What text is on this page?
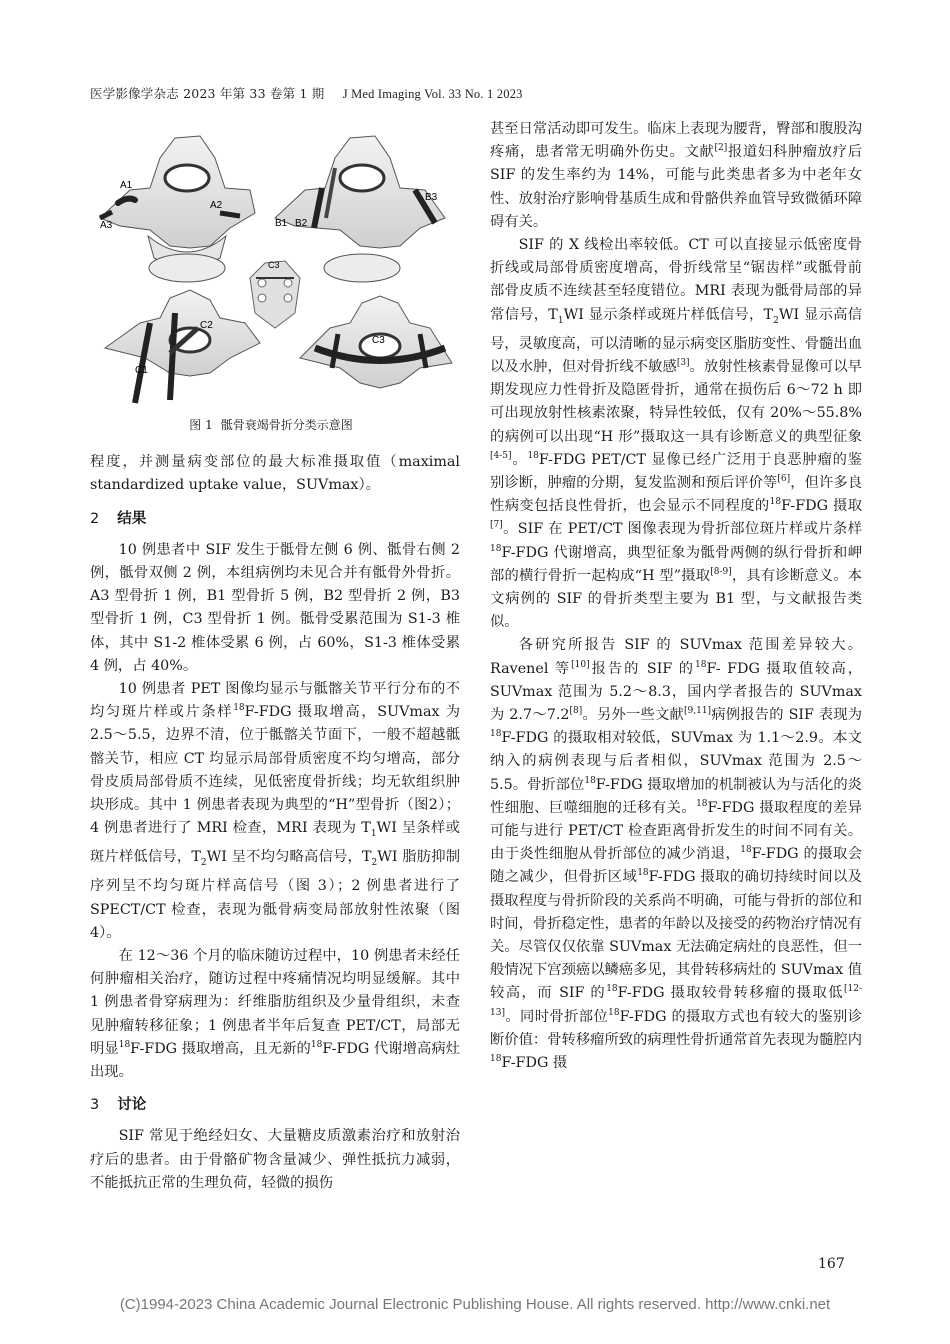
医学影像学杂志 2023 年第 33 卷第 1 期 J Med Imaging Vol. 33 No. 1 2023
A1
A2
A3	B1 B2
B3
C1
C2
C3
C3
图 1 骶骨衰竭骨折分类示意图

程度，并测量病变部位的最大标准摄取值（maximal standardized uptake value，SUVmax）。

2 结果

10 例患者中 SIF 发生于骶骨左侧 6 例、骶骨右侧 2 例，骶骨双侧 2 例，本组病例均未见合并有骶骨外骨折。A3 型骨折 1 例，B1 型骨折 5 例，B2 型骨折 2 例，B3 型骨折 1 例，C3 型骨折 1 例。骶骨受累范围为 S1-3 椎体，其中 S1-2 椎体受累 6 例，占 60%，S1-3 椎体受累 4 例，占 40%。

10 例患者 PET 图像均显示与骶髂关节平行分布的不均匀斑片样或片条样$^{18}$F-FDG 摄取增高，SUVmax 为 2.5～5.5，边界不清，位于骶髂关节面下，一般不超越骶髂关节，相应 CT 均显示局部骨质密度不均匀增高，部分骨皮质局部骨质不连续，见低密度骨折线；均无软组织肿块形成。其中 1 例患者表现为典型的“H”型骨折（图2）；4 例患者进行了 MRI 检查，MRI 表现为 $T_1WI$ 呈条样或斑片样低信号，$T_2WI$ 呈不均匀略高信号，$T_2WI$ 脂肪抑制序列呈不均匀斑片样高信号（图 3）；2 例患者进行了 SPECT/CT 检查，表现为骶骨病变局部放射性浓聚（图 4）。

在 12～36 个月的临床随访过程中，10 例患者未经任何肿瘤相关治疗，随访过程中疼痛情况均明显缓解。其中 1 例患者骨穿病理为：纤维脂肪组织及少量骨组织，未查见肿瘤转移征象；1 例患者半年后复查 PET/CT，局部无明显$^{18}$F-FDG 摄取增高，且无新的$^{18}$F-FDG 代谢增高病灶出现。

3 讨论

SIF 常见于绝经妇女、大量糖皮质激素治疗和放射治疗后的患者。由于骨骼矿物含量减少、弹性抵抗力减弱，不能抵抗正常的生理负荷，轻微的损伤

甚至日常活动即可发生。临床上表现为腰背，臀部和腹股沟疼痛，患者常无明确外伤史。文献[2]报道妇科肿瘤放疗后 SIF 的发生率约为 14%，可能与此类患者多为中老年女性、放射治疗影响骨基质生成和骨骼供养血管导致微循环障碍有关。

SIF 的 X 线检出率较低。CT 可以直接显示低密度骨折线或局部骨质密度增高，骨折线常呈“锯齿样”或骶骨前部骨皮质不连续甚至轻度错位。MRI 表现为骶骨局部的异常信号，$T_1WI$ 显示条样或斑片样低信号，$T_2WI$ 显示高信号，灵敏度高，可以清晰的显示病变区脂肪变性、骨髓出血以及水肿，但对骨折线不敏感[3]。放射性核素骨显像可以早期发现应力性骨折及隐匿骨折，通常在损伤后 6～72 h 即可出现放射性核素浓聚，特异性较低，仅有 20%～55.8% 的病例可以出现“H 形”摄取这一具有诊断意义的典型征象[4-5]。$^{18}$F-FDG PET/CT 显像已经广泛用于良恶肿瘤的鉴别诊断，肿瘤的分期，复发监测和预后评价等[6]，但许多良性病变包括良性骨折，也会显示不同程度的$^{18}$F-FDG 摄取[7]。SIF 在 PET/CT 图像表现为骨折部位斑片样或片条样$^{18}$F-FDG 代谢增高，典型征象为骶骨两侧的纵行骨折和岬部的横行骨折一起构成“H 型”摄取[8-9]，具有诊断意义。本文病例的 SIF 的骨折类型主要为 B1 型，与文献报告类似。

各研究所报告 SIF 的 SUVmax 范围差异较大。Ravenel 等[10]报告的 SIF 的$^{18}$F- FDG 摄取值较高，SUVmax 范围为 5.2～8.3，国内学者报告的 SUVmax 为 2.7～7.2[8]。另外一些文献[9,11]病例报告的 SIF 表现为$^{18}$F-FDG 的摄取相对较低，SUVmax 为 1.1～2.9。本文纳入的病例表现与后者相似，SUVmax 范围为 2.5～5.5。骨折部位$^{18}$F-FDG 摄取增加的机制被认为与活化的炎性细胞、巨噬细胞的迁移有关。$^{18}$F-FDG 摄取程度的差异可能与进行 PET/CT 检查距离骨折发生的时间不同有关。由于炎性细胞从骨折部位的减少消退，$^{18}$F-FDG 的摄取会随之减少，但骨折区域$^{18}$F-FDG 摄取的确切持续时间以及摄取程度与骨折阶段的关系尚不明确，可能与骨折的部位和时间，骨折稳定性，患者的年龄以及接受的药物治疗情况有关。尽管仅仅依靠 SUVmax 无法确定病灶的良恶性，但一般情况下宫颈癌以鳞癌多见，其骨转移病灶的 SUVmax 值较高，而 SIF 的$^{18}$F-FDG 摄取较骨转移瘤的摄取低[12-13]。同时骨折部位$^{18}$F-FDG 的摄取方式也有较大的鉴别诊断价值：骨转移瘤所致的病理性骨折通常首先表现为髓腔内$^{18}$F-FDG 摄

167
(C)1994-2023 China Academic Journal Electronic Publishing House. All rights reserved. http://www.cnki.net
